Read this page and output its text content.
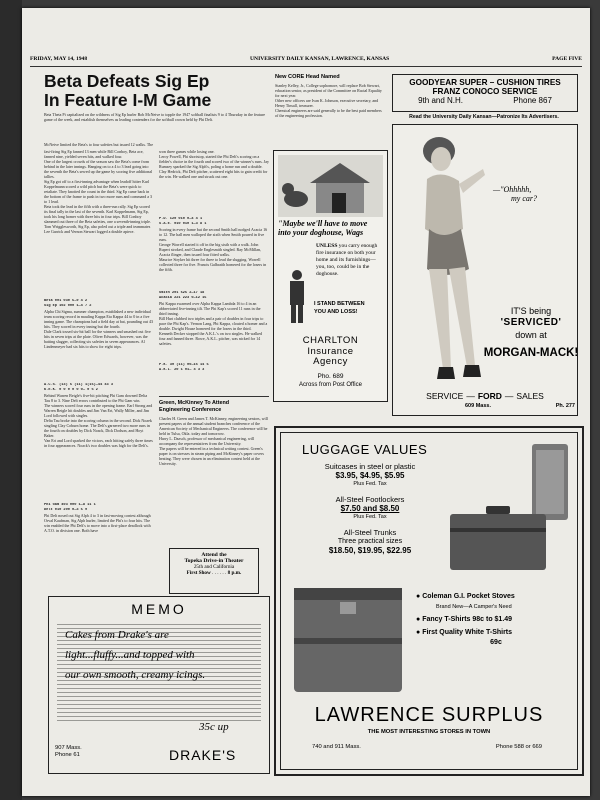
FRIDAY, MAY 14, 1948	UNIVERSITY DAILY KANSAN, LAWRENCE, KANSAS	PAGE FIVE
Beta Defeats Sig Ep
In Feature I-M Game
Beta Theta Pi capitalized on the wildness of Sig Ep hurler Bob McNeive to topple the 1947 softball finalists 9 to 4 Thursday in the feature game of the week, and establish themselves as leading contenders for the softball crown held by Phi Delt.
McNeive limited the Beta's to four safeties but issued 12 walks. The
fast-firing Sig Ep fanned 13 men while Bill Conboy, Beta ace, fanned nine, yielded seven hits, and walked four.
One of the largest crowds of the season saw the Beta's come from behind in the later innings. Hanging on to a 4 to 3 lead going into the seventh the Beta's sewed up the game by scoring five additional tallies.
Sig Ep got off to a first-inning advantage when leadoff hitter Karl Koppelmann scored a wild pitch but the Beta's were quick to retaliate. They knotted the count in the third. Sig Ep came back in the bottom of the frame to push in two more runs and command a 3 to 1 lead.
Beta took the lead in the fifth with a three-run rally. Sig Ep scored its final tally in the last of the seventh. Karl Koppelmann, Sig Ep, took his long homer with three hits in four trips. Bill Conboy slammed out three of the Beta safeties, one a seventh-inning triple. Tom Wrigglesworth, Sig Ep, also poled out a triple and teammates Lee Garrick and Vernon Stewart logged a double apiece.
Beta 001 030 5—9 4 2
Sig Ep 102 000 1—4 7 2
Alpha Chi Sigma, summer champion, established a new individual team scoring record in mauling Kappa Eta Kappa 44 to 0 in a five inning game. The champions had a field day at bat, pounding out 43 hits. They scored in every inning but the fourth.
Dale Clark tossed six-hit ball for the winners and smashed out five hits in seven trips at the plate. Oliver Edwards, however, was the batting slugger, collecting six safeties in seven appearances. Al Lindenmeyer had six hits to show for eight trips.
A.C.S. (13) 5 (11) 1(15)—44 43 3
K.E.K. 0 0 0 0 0 0— 0 6 2
Behind Warren Beigle's five-hit pitching Phi Gam downed Delta Tau 8 to 3. Nine Delt errors contributed to the Phi Gam win.
The winners scored four runs in the opening frame. Earl Strong and Warren Beigle hit doubles and Jim Van Ert, Wally Miller, and Jim Lord followed with singles.
Delta Tau broke into the scoring column in the second. Dick Noaek singling Clay Coburn home. The Delt's garnered two more runs in the fourth on doubles by Dick Noack, Dick Dodson, and Hoyt Baker.
Van Ert and Lord sparked the victors, each hitting safely three times in four appearances. Noack's two doubles was high for the Delt's.
Phi Gam 403 000 1—8 11 1
Delt 010 200 0—3 5 9
Phi Delt nosed out Sig Alph 4 to 3 in fast-moving contest although Orval Kaufman, Sig Alph hurler, limited the Phi's to four hits. The win enabled the Phi Delt's to move into a first-place deadlock with A.T.O. in division one. Both have
won three games while losing one.
Leroy Powell, Phi shortstop, started the Phi Delt's scoring on a fielder's choice in the fourth and scored two of the winner's runs. Jay Rumsey sparked the Sig Alph's, poling a home run and a double.
Clay Hedrick, Phi Delt pitcher, scattered eight hits to gain credit for the win. He walked one and struck out one.
P.D. 120 010 0—4 4 1
S.A.E. 010 010 1—3 8 1
Scoring in every frame but the second Smith hall nodged Acacia 16 to 12. The hall men walloped the sixth when Smith poured in five runs.
George Worrell started it off in the big sixth with a walk. John Rupert stroked, and Claude Englesmith singled. Ray McMillan, Acacia flinger, then issued four fitted walks.
Maurice Stryker hit three for three to lead the slugging. Worrell collected three for five. Francis Galbraith homered for the losers in the fifth.
Smith 201 525 2—17 18
Acacia 221 223 0—12 15
Phi Kappa swarmed over Alpha Kappa Lambda 16 to 4 in an abbreviated five-inning tilt. The Phi Kap's scored 11 runs in the third inning.
Bill Hart clubbed two triples and a pair of doubles in four trips to pace the Phi Kap's. Vernon Lang, Phi Kappa, clouted a homer and a double. Dwight House homered for the losers in the third.
Kenneth Decker stopped the A.K.L.'s on two singles. He walked four and fanned three. Rowe, A.K.L. pitcher, was nicked for 14 safeties.
P.K. 30 (11) 00—16 14 5
A.K.L. 20 1 01— 4 3 3
Green, McKinney To Attend
Engineering Conference
Charles H. Green and James T. McKinney, engineering seniors, will present papers at the annual student branches conference of the American Society of Mechanical Engineers. The conference will be held in Tulsa, Okla. today and tomorrow.
Harry L. Dazsch, professor of mechanical engineering, will accompany the representatives from the University.
The papers will be entered in a technical writing contest. Green's paper is on stresses in steam piping and McKinney's paper covers heating. They were chosen in an elimination contest held at the University.
Attend the
Topeka Drive-in Theater
25th and California
First Show . . . . . . 8 p.m.
New CORE Head Named
Stanley Kelley, Jr., College sophomore, will replace Bob Stewart, education senior, as president of the Committee on Racial Equality for next year.
Other new officers are Ivan K. Johnson, executive secretary, and Henry Tinsall, treasurer.
Chemical engineers are said generally to be the best paid members of the engineering profession.
"Maybe we'll have to move
into your doghouse, Wags
UNLESS you carry enough fire insurance on both your home and its furnishings—you, too, could be in the doghouse.
I STAND BETWEEN
YOU AND LOSS!
CHARLTON
Insurance
Agency
Pho. 689
Across from Post Office
GOODYEAR SUPER – CUSHION TIRES
FRANZ CONOCO SERVICE
9th and N.H.	Phone 867
Read the University Daily Kansan—Patronize Its Advertisers.
—"Ohhhhh,
my car?
IT'S being
'SERVICED'
down at
MORGAN-MACK!
SERVICE — FORD — SALES
609 Mass.	Ph. 277
LUGGAGE VALUES
Suitcases in steel or plastic
$3.95, $4.95, $5.95
Plus Fed. Tax
All-Steel Footlockers
$7.50 and $8.50
Plus Fed. Tax
All-Steel Trunks
Three practical sizes
$18.50, $19.95, $22.95
● Coleman G.I. Pocket Stoves
Brand New—A Camper's Need
● Fancy T-Shirts 98c to $1.49
● First Quality White T-Shirts
69c
LAWRENCE SURPLUS
THE MOST INTERESTING STORES IN TOWN
740 and 911 Mass.	Phone 588 or 669
MEMO
Cakes from Drake's are
light...fluffy...and topped with
our own smooth, creamy icings.
35c up
907 Mass.
Phone 61	DRAKE'S
